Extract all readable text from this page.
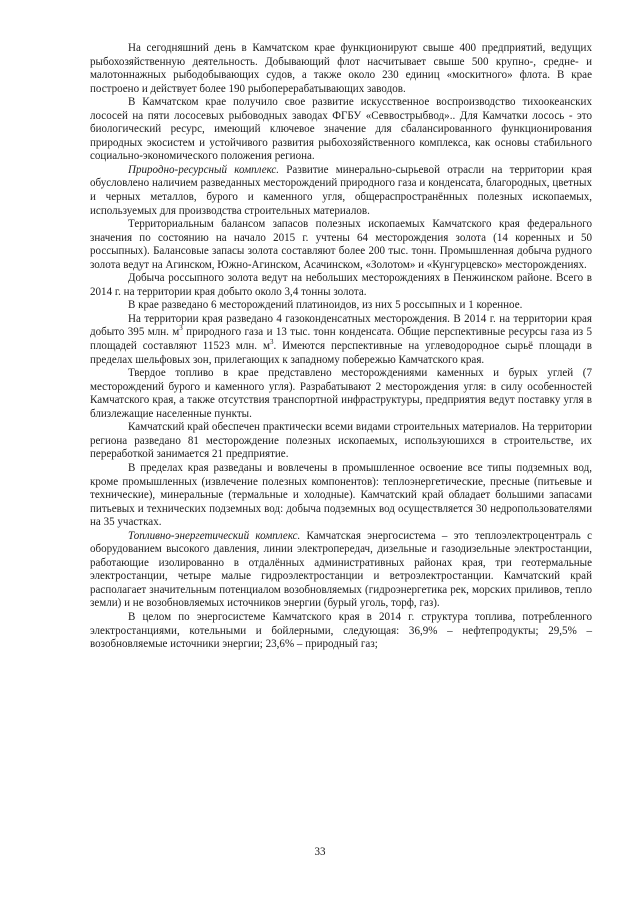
На сегодняшний день в Камчатском крае функционируют свыше 400 предприятий, ведущих рыбохозяйственную деятельность. Добывающий флот насчитывает свыше 500 крупно-, средне- и малотоннажных рыбодобывающих судов, а также около 230 единиц «москитного» флота. В крае построено и действует более 190 рыбоперерабатывающих заводов.

В Камчатском крае получило свое развитие искусственное воспроизводство тихоокеанских лососей на пяти лососевых рыбоводных заводах ФГБУ «Севвострыбвод».. Для Камчатки лосось - это биологический ресурс, имеющий ключевое значение для сбалансированного функционирования природных экосистем и устойчивого развития рыбохозяйственного комплекса, как основы стабильного социально-экономического положения региона.

Природно-ресурсный комплекс. Развитие минерально-сырьевой отрасли на территории края обусловлено наличием разведанных месторождений природного газа и конденсата, благородных, цветных и черных металлов, бурого и каменного угля, общераспространённых полезных ископаемых, используемых для производства строительных материалов.

Территориальным балансом запасов полезных ископаемых Камчатского края федерального значения по состоянию на начало 2015 г. учтены 64 месторождения золота (14 коренных и 50 россыпных). Балансовые запасы золота составляют более 200 тыс. тонн. Промышленная добыча рудного золота ведут на Агинском, Южно-Агинском, Асачинском, «Золотом» и «Кунгурцевско» месторождениях.

Добыча россыпного золота ведут на небольших месторождениях в Пенжинском районе. Всего в 2014 г. на территории края добыто около 3,4 тонны золота.

В крае разведано 6 месторождений платиноидов, из них 5 россыпных и 1 коренное.

На территории края разведано 4 газоконденсатных месторождения. В 2014 г. на территории края добыто 395 млн. $м^3$ природного газа и 13 тыс. тонн конденсата. Общие перспективные ресурсы газа из 5 площадей составляют 11523 млн. $м^3$. Имеются перспективные на углеводородное сырьё площади в пределах шельфовых зон, прилегающих к западному побережью Камчатского края.

Твердое топливо в крае представлено месторождениями каменных и бурых углей (7 месторождений бурого и каменного угля). Разрабатывают 2 месторождения угля: в силу особенностей Камчатского края, а также отсутствия транспортной инфраструктуры, предприятия ведут поставку угля в близлежащие населенные пункты.

Камчатский край обеспечен практически всеми видами строительных материалов. На территории региона разведано 81 месторождение полезных ископаемых, используюшихся в строительстве, их переработкой занимается 21 предприятие.

В пределах края разведаны и вовлечены в промышленное освоение все типы подземных вод, кроме промышленных (извлечение полезных компонентов): теплоэнергетические, пресные (питьевые и технические), минеральные (термальные и холодные). Камчатский край обладает большими запасами питьевых и технических подземных вод: добыча подземных вод осуществляется 30 недропользователями на 35 участках.

Топливно-энергетический комплекс. Камчатская энергосистема – это теплоэлектроцентраль с оборудованием высокого давления, линии электропередач, дизельные и газодизельные электростанции, работающие изолированно в отдалённых административных районах края, три геотермальные электростанции, четыре малые гидроэлектростанции и ветроэлектростанции. Камчатский край располагает значительным потенциалом возобновляемых (гидроэнергетика рек, морских приливов, тепло земли) и не возобновляемых источников энергии (бурый уголь, торф, газ).

В целом по энергосистеме Камчатского края в 2014 г. структура топлива, потребленного электростанциями, котельными и бойлерными, следующая: 36,9% – нефтепродукты; 29,5% – возобновляемые источники энергии; 23,6% – природный газ;

33
